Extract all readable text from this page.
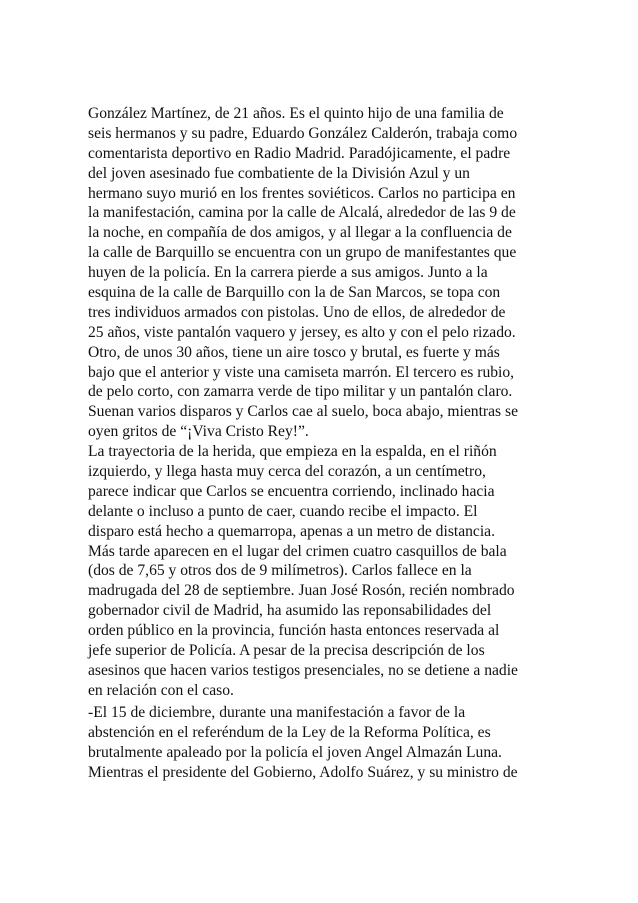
González Martínez, de 21 años. Es el quinto hijo de una familia de
seis hermanos y su padre, Eduardo González Calderón, trabaja como
comentarista deportivo en Radio Madrid. Paradójicamente, el padre
del joven asesinado fue combatiente de la División Azul y un
hermano suyo murió en los frentes soviéticos. Carlos no participa en
la manifestación, camina por la calle de Alcalá, alrededor de las 9 de
la noche, en compañía de dos amigos, y al llegar a la confluencia de
la calle de Barquillo se encuentra con un grupo de manifestantes que
huyen de la policía. En la carrera pierde a sus amigos. Junto a la
esquina de la calle de Barquillo con la de San Marcos, se topa con
tres individuos armados con pistolas. Uno de ellos, de alrededor de
25 años, viste pantalón vaquero y jersey, es alto y con el pelo rizado.
Otro, de unos 30 años, tiene un aire tosco y brutal, es fuerte y más
bajo que el anterior y viste una camiseta marrón. El tercero es rubio,
de pelo corto, con zamarra verde de tipo militar y un pantalón claro.
Suenan varios disparos y Carlos cae al suelo, boca abajo, mientras se
oyen gritos de “¡Viva Cristo Rey!”.
La trayectoria de la herida, que empieza en la espalda, en el riñón
izquierdo, y llega hasta muy cerca del corazón, a un centímetro,
parece indicar que Carlos se encuentra corriendo, inclinado hacia
delante o incluso a punto de caer, cuando recibe el impacto. El
disparo está hecho a quemarropa, apenas a un metro de distancia.
Más tarde aparecen en el lugar del crimen cuatro casquillos de bala
(dos de 7,65 y otros dos de 9 milímetros). Carlos fallece en la
madrugada del 28 de septiembre. Juan José Rosón, recién nombrado
gobernador civil de Madrid, ha asumido las reponsabilidades del
orden público en la provincia, función hasta entonces reservada al
jefe superior de Policía. A pesar de la precisa descripción de los
asesinos que hacen varios testigos presenciales, no se detiene a nadie
en relación con el caso.
-El 15 de diciembre, durante una manifestación a favor de la
abstención en el referéndum de la Ley de la Reforma Política, es
brutalmente apaleado por la policía el joven Angel Almazán Luna.
Mientras el presidente del Gobierno, Adolfo Suárez, y su ministro de
